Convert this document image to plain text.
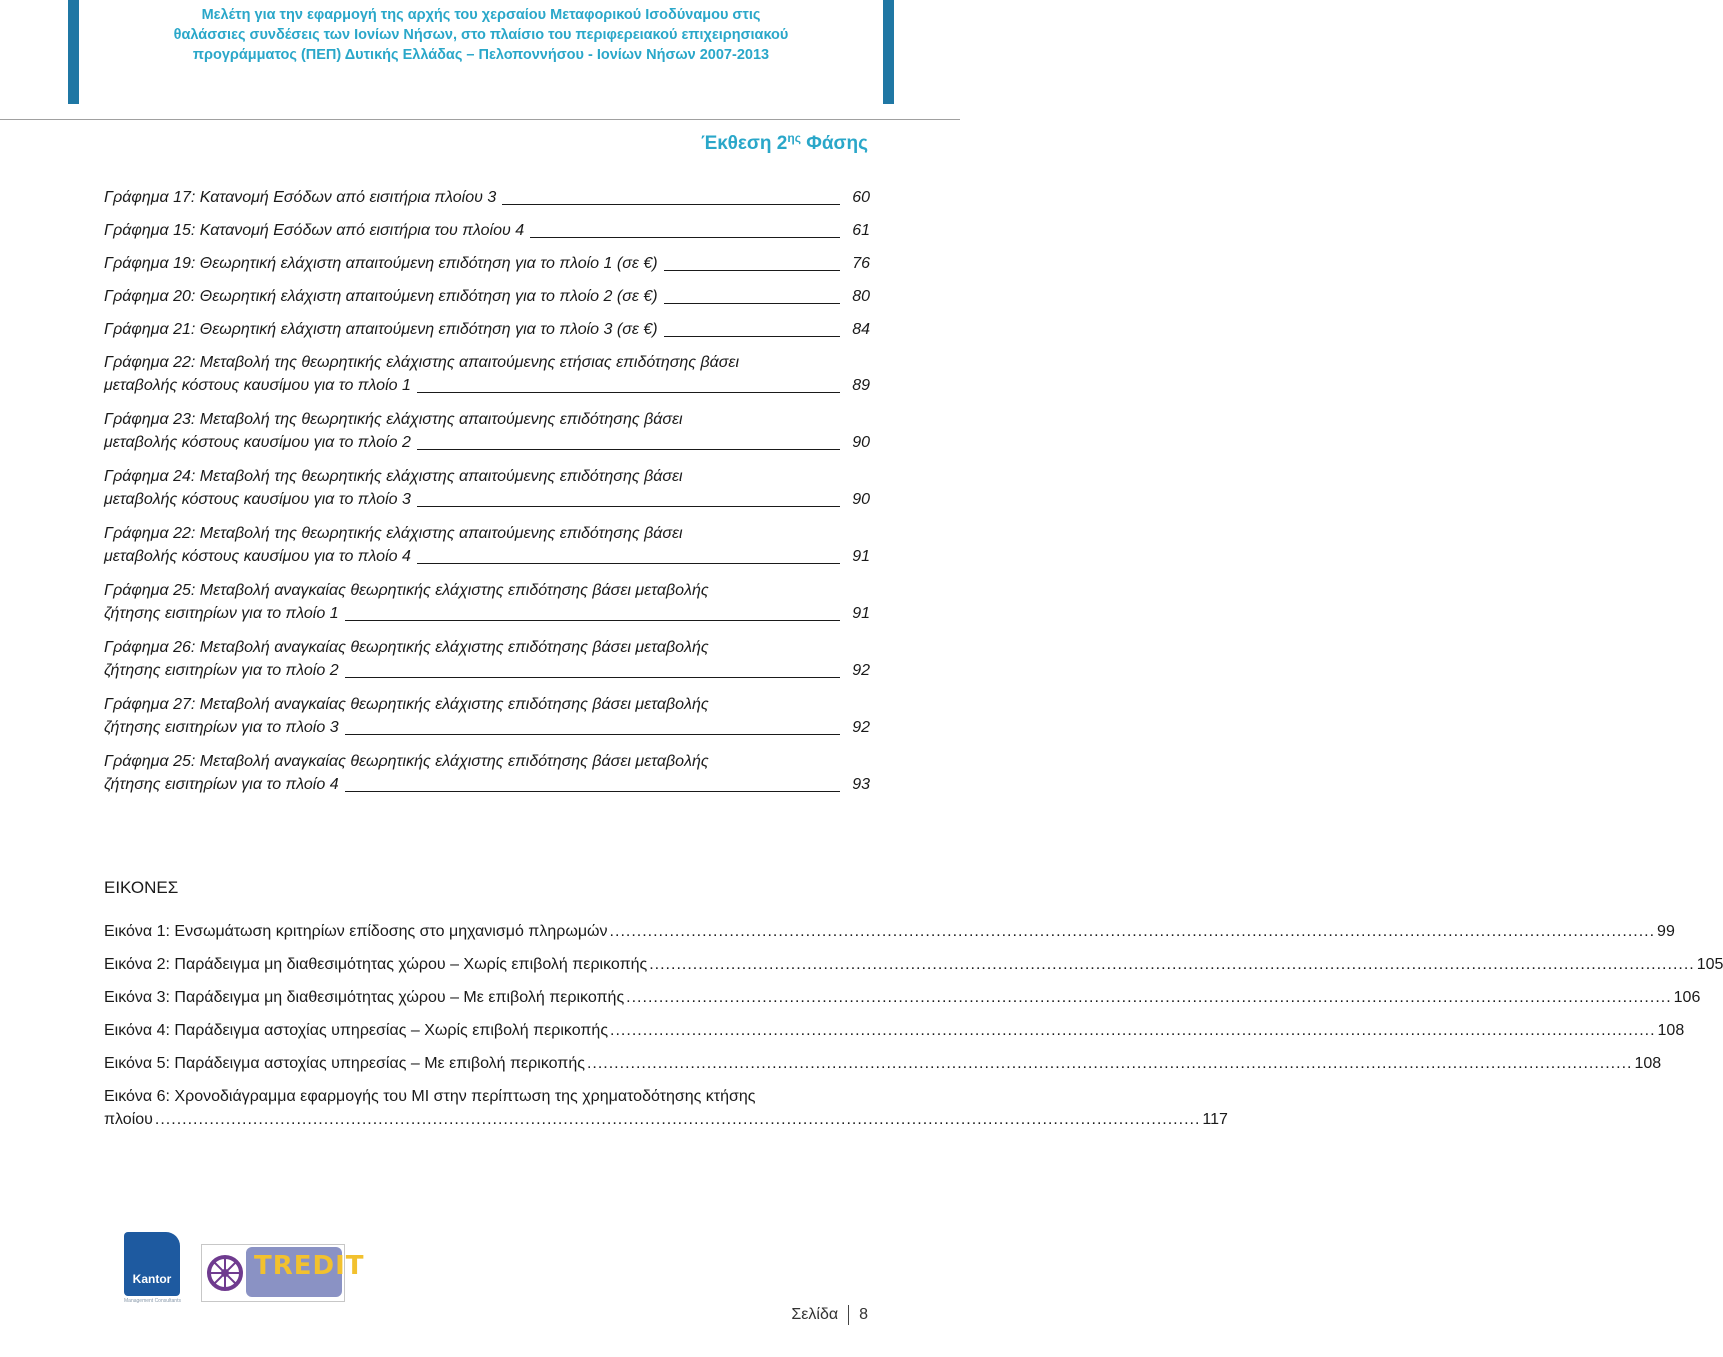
Μελέτη για την εφαρμογή της αρχής του χερσαίου Μεταφορικού Ισοδύναμου στις
θαλάσσιες συνδέσεις των Ιονίων Νήσων, στο πλαίσιο του περιφερειακού επιχειρησιακού
προγράμματος (ΠΕΠ) Δυτικής Ελλάδας – Πελοποννήσου - Ιονίων Νήσων 2007-2013
Έκθεση $2^{\eta\varsigma}$ Φάσης
Γράφημα 17: Κατανομή Εσόδων από εισιτήρια πλοίου 3	60
Γράφημα 15: Κατανομή Εσόδων από εισιτήρια του πλοίου 4	61
Γράφημα 19: Θεωρητική ελάχιστη απαιτούμενη επιδότηση για το πλοίο 1 (σε €)	76
Γράφημα 20: Θεωρητική ελάχιστη απαιτούμενη επιδότηση για το πλοίο 2 (σε €)	80
Γράφημα 21: Θεωρητική ελάχιστη απαιτούμενη επιδότηση για το πλοίο 3 (σε €)	84
Γράφημα 22: Μεταβολή της θεωρητικής ελάχιστης απαιτούμενης ετήσιας επιδότησης βάσει
μεταβολής κόστους καυσίμου για το πλοίο 1	89
Γράφημα 23: Μεταβολή της θεωρητικής ελάχιστης απαιτούμενης επιδότησης βάσει
μεταβολής κόστους καυσίμου για το πλοίο 2	90
Γράφημα 24: Μεταβολή της θεωρητικής ελάχιστης απαιτούμενης επιδότησης βάσει
μεταβολής κόστους καυσίμου για το πλοίο 3	90
Γράφημα 22: Μεταβολή της θεωρητικής ελάχιστης απαιτούμενης επιδότησης βάσει
μεταβολής κόστους καυσίμου για το πλοίο 4	91
Γράφημα 25: Μεταβολή αναγκαίας θεωρητικής ελάχιστης επιδότησης βάσει μεταβολής
ζήτησης εισιτηρίων για το πλοίο 1	91
Γράφημα 26: Μεταβολή αναγκαίας θεωρητικής ελάχιστης επιδότησης βάσει μεταβολής
ζήτησης εισιτηρίων για το πλοίο 2	92
Γράφημα 27: Μεταβολή αναγκαίας θεωρητικής ελάχιστης επιδότησης βάσει μεταβολής
ζήτησης εισιτηρίων για το πλοίο 3	92
Γράφημα 25: Μεταβολή αναγκαίας θεωρητικής ελάχιστης επιδότησης βάσει μεταβολής
ζήτησης εισιτηρίων για το πλοίο 4	93
ΕΙΚΟΝΕΣ
Εικόνα 1: Ενσωμάτωση κριτηρίων επίδοσης στο μηχανισμό πληρωμών .....	99
Εικόνα 2: Παράδειγμα μη διαθεσιμότητας χώρου – Χωρίς επιβολή περικοπής .....	105
Εικόνα 3: Παράδειγμα μη διαθεσιμότητας χώρου – Με επιβολή περικοπής .....	106
Εικόνα 4: Παράδειγμα αστοχίας υπηρεσίας – Χωρίς επιβολή περικοπής .....	108
Εικόνα 5: Παράδειγμα αστοχίας υπηρεσίας – Με επιβολή περικοπής .....	108
Εικόνα 6: Χρονοδιάγραμμα εφαρμογής του ΜΙ στην περίπτωση της χρηματοδότησης κτήσης
πλοίου .....	117
Kantor
Management Consultants
TREDIT
Σελίδα 8
